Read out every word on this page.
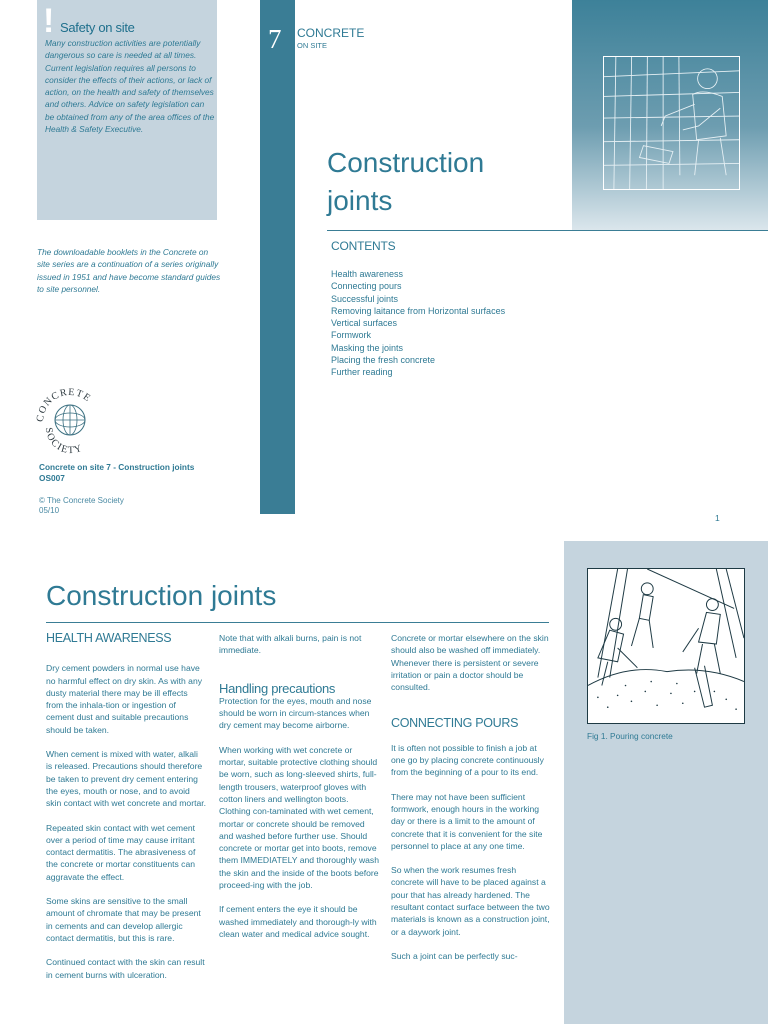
! Safety on site
Many construction activities are potentially dangerous so care is needed at all times. Current legislation requires all persons to consider the effects of their actions, or lack of action, on the health and safety of themselves and others. Advice on safety legislation can be obtained from any of the area offices of the Health & Safety Executive.
The downloadable booklets in the Concrete on site series are a continuation of a series originally issued in 1951 and have become standard guides to site personnel.
CONCRETE
SOCIETY
Concrete on site 7 - Construction joints
OS007
© The Concrete Society
05/10
7 CONCRETE
ON SITE
Construction
joints
CONTENTS
Health awareness
Connecting pours
Successful joints
Removing laitance from Horizontal surfaces
Vertical surfaces
Formwork
Masking the joints
Placing the fresh concrete
Further reading
1
Fig 1. Pouring concrete
Construction joints
HEALTH AWARENESS

Dry cement powders in normal use have no harmful effect on dry skin. As with any dusty material there may be ill effects from the inhala-tion or ingestion of cement dust and suitable precautions should be taken.

When cement is mixed with water, alkali is released. Precautions should therefore be taken to prevent dry cement entering the eyes, mouth or nose, and to avoid skin contact with wet concrete and mortar.

Repeated skin contact with wet cement over a period of time may cause irritant contact dermatitis. The abrasiveness of the concrete or mortar constituents can aggravate the effect.

Some skins are sensitive to the small amount of chromate that may be present in cements and can develop allergic contact dermatitis, but this is rare.

Continued contact with the skin can result in cement burns with ulceration.

Note that with alkali burns, pain is not immediate.

Handling precautions

Protection for the eyes, mouth and nose should be worn in circum-stances when dry cement may become airborne.

When working with wet concrete or mortar, suitable protective clothing should be worn, such as long-sleeved shirts, full-length trousers, waterproof gloves with cotton liners and wellington boots. Clothing con-taminated with wet cement, mortar or concrete should be removed and washed before further use. Should concrete or mortar get into boots, remove them IMMEDIATELY and thoroughly wash the skin and the inside of the boots before proceed-ing with the job.

If cement enters the eye it should be washed immediately and thorough-ly with clean water and medical advice sought.

Concrete or mortar elsewhere on the skin should also be washed off immediately.

Whenever there is persistent or severe irritation or pain a doctor should be consulted.

CONNECTING POURS

It is often not possible to finish a job at one go by placing concrete continuously from the beginning of a pour to its end.

There may not have been sufficient formwork, enough hours in the working day or there is a limit to the amount of concrete that it is convenient for the site personnel to place at any one time.

So when the work resumes fresh concrete will have to be placed against a pour that has already hardened. The resultant contact surface between the two materials is known as a construction joint, or a daywork joint.

Such a joint can be perfectly suc-
